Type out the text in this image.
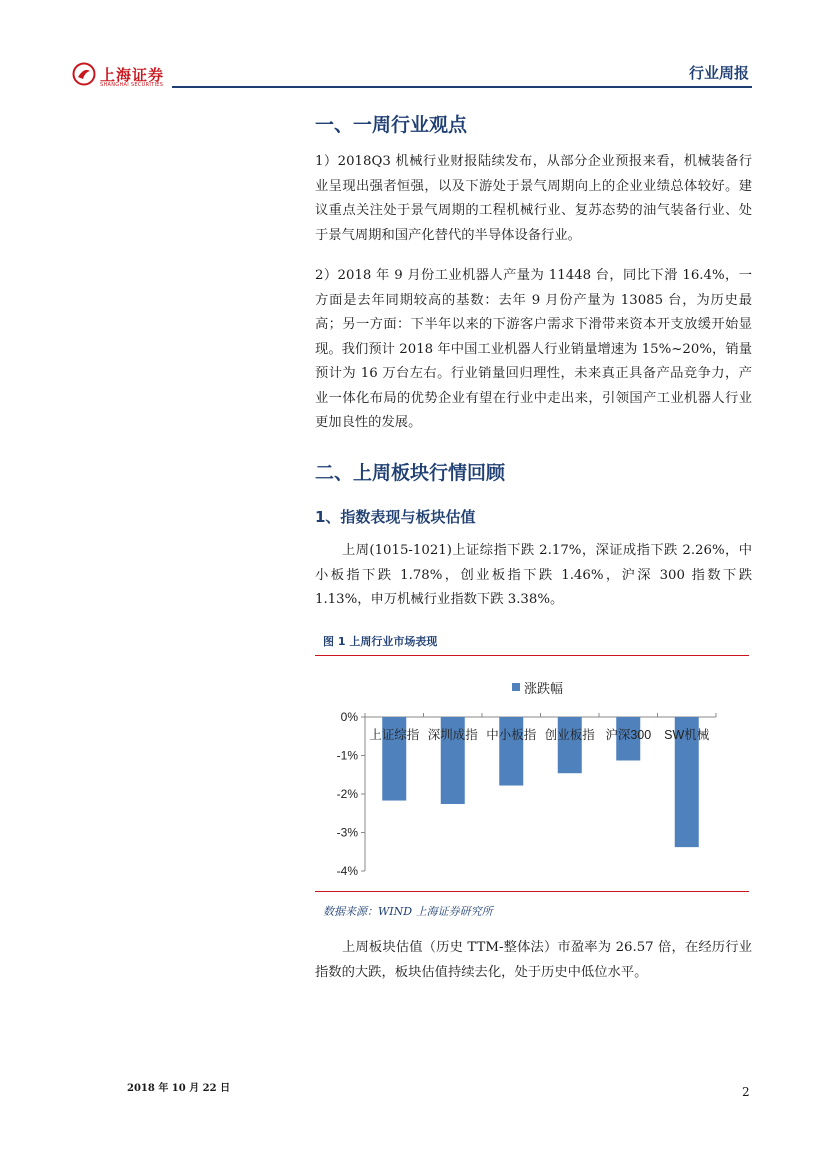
上海证券
SHANGHAI SECURITIES
行业周报
一、一周行业观点
1）2018Q3 机械行业财报陆续发布，从部分企业预报来看，机械装备行业呈现出强者恒强，以及下游处于景气周期向上的企业业绩总体较好。建议重点关注处于景气周期的工程机械行业、复苏态势的油气装备行业、处于景气周期和国产化替代的半导体设备行业。
2）2018 年 9 月份工业机器人产量为 11448 台，同比下滑 16.4%，一方面是去年同期较高的基数：去年 9 月份产量为 13085 台，为历史最高；另一方面：下半年以来的下游客户需求下滑带来资本开支放缓开始显现。我们预计 2018 年中国工业机器人行业销量增速为 15%~20%，销量预计为 16 万台左右。行业销量回归理性，未来真正具备产品竞争力，产业一体化布局的优势企业有望在行业中走出来，引领国产工业机器人行业更加良性的发展。
二、上周板块行情回顾
1、指数表现与板块估值
上周(1015-1021)上证综指下跌 2.17%，深证成指下跌 2.26%，中小板指下跌 1.78%，创业板指下跌 1.46%，沪深 300 指数下跌 1.13%，申万机械行业指数下跌 3.38%。
图 1 上周行业市场表现
涨跌幅
0%
-1%
-2%
-3%
-4%
上证综指 深圳成指 中小板指 创业板指 沪深300 SW机械
数据来源：WIND 上海证券研究所
上周板块估值（历史 TTM-整体法）市盈率为 26.57 倍，在经历行业指数的大跌，板块估值持续去化，处于历史中低位水平。
2018 年 10 月 22 日	2
